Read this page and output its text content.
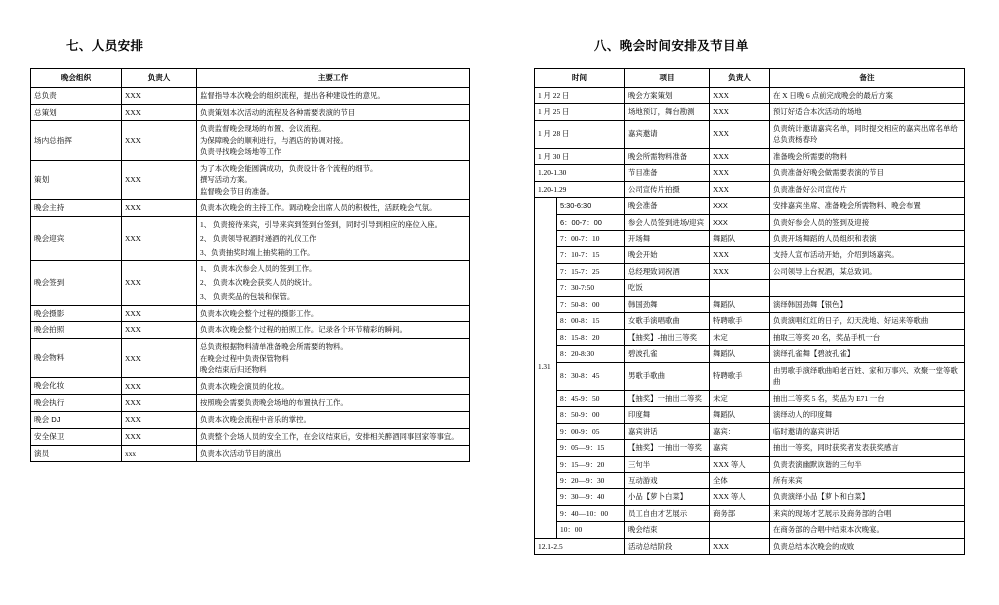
七、人员安排
晚会组织	负责人	主要工作
总负责	XXX	监督指导本次晚会的组织流程，提出各种建设性的意见。

总策划	XXX	负责策划本次活动的流程及各种需要表演的节目

场内总指挥	XXX	负责监督晚会现场的布置、会议流程。
为保障晚会的顺利进行，与酒店的协调对接。
负责寻找晚会场地等工作

策划	XXX	为了本次晚会能圆满成功，负责设计各个流程的细节。
撰写活动方案。
监督晚会节目的准备。

晚会主持	XXX	负责本次晚会的主持工作。调动晚会出席人员的积极性，活跃晚会气氛。

晚会迎宾	XXX	
1、 负责接待来宾，引导来宾到签到台签到，同时引导到相应的座位入座。
2、 负责领导祝酒时递酒的礼仪工作
3、负责抽奖时端上抽奖箱的工作。

晚会签到	XXX	
1、 负责本次参会人员的签到工作。
2、 负责本次晚会获奖人员的统计。
3、 负责奖品的包装和保管。

晚会摄影	XXX	负责本次晚会整个过程的摄影工作。

晚会拍照	XXX	负责本次晚会整个过程的拍照工作。记录各个环节精彩的瞬间。

晚会物料	XXX	总负责根据物料清单准备晚会所需要的物料。
在晚会过程中负责保管物料
晚会结束后归还物料

晚会化妆	XXX	负责本次晚会演员的化妆。

晚会执行	XXX	按照晚会需要负责晚会场地的布置执行工作。

晚会 DJ	XXX	负责本次晚会流程中音乐的掌控。

安全保卫	XXX	负责整个会场人员的安全工作，在会议结束后，安排相关醉酒同事回家等事宜。

演员	xxx	负责本次活动节目的演出
八、晚会时间安排及节目单
时间		项目	负责人	备注
1 月 22 日		晚会方案策划	XXX	在 X 日晚 6 点前完成晚会的最后方案
1 月 25 日		场地预订，舞台勘测	XXX	预订好适合本次活动的场地
1 月 28 日		嘉宾邀请	XXX	负责统计邀请嘉宾名单，同时提交相应的嘉宾出席名单给总负责杨春玲
1 月 30 日		晚会所需物料准备	XXX	准备晚会所需要的物料
1.20-1.30		节目准备	XXX	负责准备好晚会做需要表演的节目
1.20-1.29		公司宣传片拍摄	XXX	负责准备好公司宣传片
1.31	5:30-6:30	晚会准备	XXX	安排嘉宾坐席、准备晚会所需物料、晚会布置
	6：00-7：00	参会人员签到进场/迎宾	XXX	负责好参会人员的签到及迎接
	7：00-7：10	开场舞	舞蹈队	负责开场舞蹈的人员组织和表演
	7：10-7：15	晚会开始	XXX	支持人宣布活动开始，介绍到场嘉宾。
	7：15-7：25	总经理致词祝酒	XXX	公司领导上台祝酒，某总致词。
	7：30-7:50	吃饭		
	7：50-8：00	韩国劲舞	舞蹈队	演绎韩国劲舞【银色】
	8：00-8：15	女歌手演唱歌曲	特聘歌手	负责演唱红红的日子，幻天洗地、好运来等歌曲
	8：15-8：20	【抽奖】-抽出三等奖	未定	抽取三等奖 20 名，奖品手机一台
	8：20-8:30	碧波孔雀	舞蹈队	演绎孔雀舞【碧波孔雀】
	8：30-8：45	男歌手歌曲	特聘歌手	由男歌手演绎歌曲咱老百姓、家和万事兴、欢聚一堂等歌曲
	8：45-9：50	【抽奖】一抽出二等奖	未定	抽出二等奖 5 名，奖品为 E71 一台
	8：50-9：00	印度舞	舞蹈队	演绎动人的印度舞
	9：00-9：05	嘉宾讲话	嘉宾：	临时邀请的嘉宾讲话
	9：05—9：15	【抽奖】一抽出一等奖	嘉宾	抽出一等奖，同时获奖者发表获奖感言
	9：15—9：20	三句半	XXX 等人	负责表演幽默诙谐的三句半
	9：20—9：30	互动游戏	全体	所有来宾
	9：30—9：40	小品【萝卜白菜】	XXX 等人	负责演绎小品【萝卜和白菜】
	9：40—10：00	员工自由才艺展示	商务部	来宾的现场才艺展示及商务部的合唱
	10：00	晚会结束		在商务部的合唱中结束本次晚宴。
12.1-2.5		活动总结阶段	XXX	负责总结本次晚会的成败
